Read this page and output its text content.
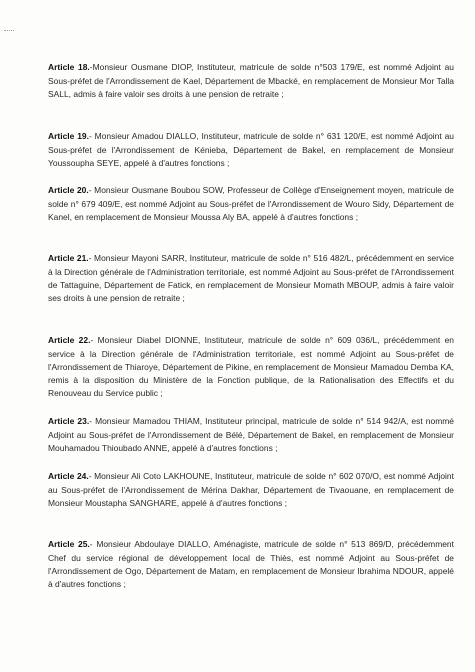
Article 18.-Monsieur Ousmane DIOP, Instituteur, matricule de solde n°503 179/E, est nommé Adjoint au Sous-préfet de l'Arrondissement de Kael, Département de Mbacké, en remplacement de Monsieur Mor Talla SALL, admis à faire valoir ses droits à une pension de retraite ;

Article 19.- Monsieur Amadou DIALLO, Instituteur, matricule de solde n° 631 120/E, est nommé Adjoint au Sous-préfet de l'Arrondissement de Kénieba, Département de Bakel, en remplacement de Monsieur Youssoupha SEYE, appelé à d'autres fonctions ;

Article 20.- Monsieur Ousmane Boubou SOW, Professeur de Collège d'Enseignement moyen, matricule de solde n° 679 409/E, est nommé Adjoint au Sous-préfet de l'Arrondissement de Wouro Sidy, Département de Kanel, en remplacement de Monsieur Moussa Aly BA, appelé à d'autres fonctions ;

Article 21.- Monsieur Mayoni SARR, Instituteur, matricule de solde n° 516 482/L, précédemment en service à la Direction générale de l'Administration territoriale, est nommé Adjoint au Sous-préfet de l'Arrondissement de Tattaguine, Département de Fatick, en remplacement de Monsieur Momath MBOUP, admis à faire valoir ses droits à une pension de retraite ;

Article 22.- Monsieur Diabel DIONNE, Instituteur, matricule de solde n° 609 036/L, précédemment en service à la Direction générale de l'Administration territoriale, est nommé Adjoint au Sous-préfet de l'Arrondissement de Thiaroye, Département de Pikine, en remplacement de Monsieur Mamadou Demba KA, remis à la disposition du Ministère de la Fonction publique, de la Rationalisation des Effectifs et du Renouveau du Service public ;

Article 23.- Monsieur Mamadou THIAM, Instituteur principal, matricule de solde n° 514 942/A, est nommé Adjoint au Sous-préfet de l'Arrondissement de Bélé, Département de Bakel, en remplacement de Monsieur Mouhamadou Thioubado ANNE, appelé à d'autres fonctions ;

Article 24.- Monsieur Ali Coto LAKHOUNE, Instituteur, matricule de solde n° 602 070/O, est nommé Adjoint au Sous-préfet de l'Arrondissement de Mérina Dakhar, Département de Tivaouane, en remplacement de Monsieur Moustapha SANGHARE, appelé à d'autres fonctions ;

Article 25.- Monsieur Abdoulaye DIALLO, Aménagiste, matricule de solde n° 513 869/D, précédemment Chef du service régional de développement local de Thiès, est nommé Adjoint au Sous-préfet de l'Arrondissement de Ogo, Département de Matam, en remplacement de Monsieur Ibrahima NDOUR, appelé à d'autres fonctions ;
